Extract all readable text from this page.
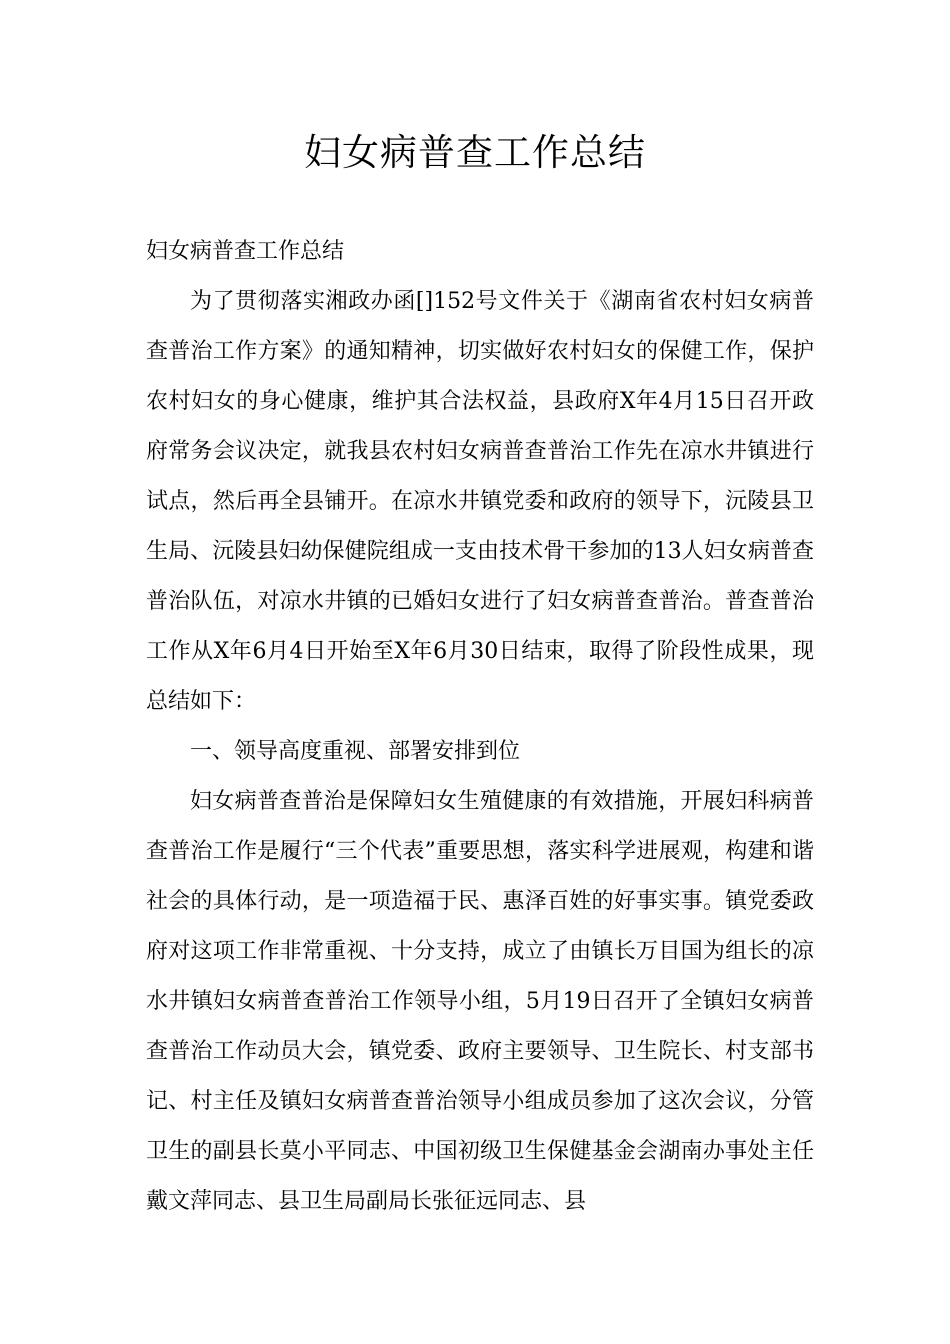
妇女病普查工作总结

妇女病普查工作总结

为了贯彻落实湘政办函[]152号文件关于《湖南省农村妇女病普查普治工作方案》的通知精神，切实做好农村妇女的保健工作，保护农村妇女的身心健康，维护其合法权益，县政府X年4月15日召开政府常务会议决定，就我县农村妇女病普查普治工作先在凉水井镇进行试点，然后再全县铺开。在凉水井镇党委和政府的领导下，沅陵县卫生局、沅陵县妇幼保健院组成一支由技术骨干参加的13人妇女病普查普治队伍，对凉水井镇的已婚妇女进行了妇女病普查普治。普查普治工作从X年6月4日开始至X年6月30日结束，取得了阶段性成果，现总结如下：

一、领导高度重视、部署安排到位

妇女病普查普治是保障妇女生殖健康的有效措施，开展妇科病普查普治工作是履行“三个代表”重要思想，落实科学进展观，构建和谐社会的具体行动，是一项造福于民、惠泽百姓的好事实事。镇党委政府对这项工作非常重视、十分支持，成立了由镇长万目国为组长的凉水井镇妇女病普查普治工作领导小组，5月19日召开了全镇妇女病普查普治工作动员大会，镇党委、政府主要领导、卫生院长、村支部书记、村主任及镇妇女病普查普治领导小组成员参加了这次会议，分管卫生的副县长莫小平同志、中国初级卫生保健基金会湖南办事处主任戴文萍同志、县卫生局副局长张征远同志、县
